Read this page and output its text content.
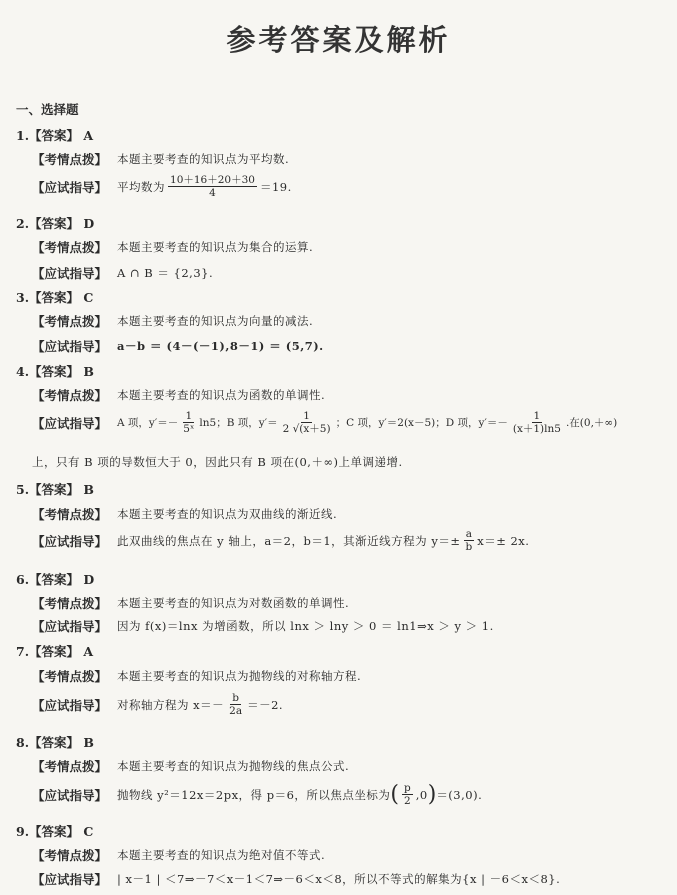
参考答案及解析
一、选择题
1.【答案】 A
【考情点拨】 本题主要考查的知识点为平均数.
【应试指导】 平均数为 $\frac{10+16+20+30}{4} =19$.
2.【答案】 D
【考情点拨】 本题主要考查的知识点为集合的运算.
【应试指导】 A ∩ B ＝ {2,3}.
3.【答案】 C
【考情点拨】 本题主要考查的知识点为向量的减法.
【应试指导】 a－b ＝ (4－(－1),8－1) ＝ (5,7).
4.【答案】 B
【考情点拨】 本题主要考查的知识点为函数的单调性.
【应试指导】 A 项，$y'=- \frac{1}{\text{5ˣ}} \ln 5$；B 项，$y'= \frac{1}{2 √(x+5)}$ ；C 项，y′＝2(x－5)；D 项，$y'=- \frac{1}{(x+1)\ln 5}$ .在(0,＋∞)
上，只有 B 项的导数恒大于 0，因此只有 B 项在(0,＋∞)上单调递增.
5.【答案】 B
【考情点拨】 本题主要考查的知识点为双曲线的渐近线.
【应试指导】 此双曲线的焦点在 y 轴上，a＝2，b＝1，其渐近线方程为 $y=\pm \frac{a}{b} x=\pm 2x$.
6.【答案】 D
【考情点拨】 本题主要考查的知识点为对数函数的单调性.
【应试指导】 因为 f(x)＝lnx 为增函数，所以 lnx ＞ lny ＞ 0 ＝ ln1⇒x ＞ y ＞ 1.
7.【答案】 A
【考情点拨】 本题主要考查的知识点为抛物线的对称轴方程.
【应试指导】 对称轴方程为 $x=- \frac{b}{2a} =-2$.
8.【答案】 B
【考情点拨】 本题主要考查的知识点为抛物线的焦点公式.
【应试指导】 抛物线 y²＝12x＝2px，得 p＝6，所以焦点坐标为 ( $\frac{p}{2} ,0$ ) ＝(3,0).
9.【答案】 C
【考情点拨】 本题主要考查的知识点为绝对值不等式.
【应试指导】 | x－1 | ＜7⇒－7＜x－1＜7⇒－6＜x＜8，所以不等式的解集为{x | －6＜x＜8}.
